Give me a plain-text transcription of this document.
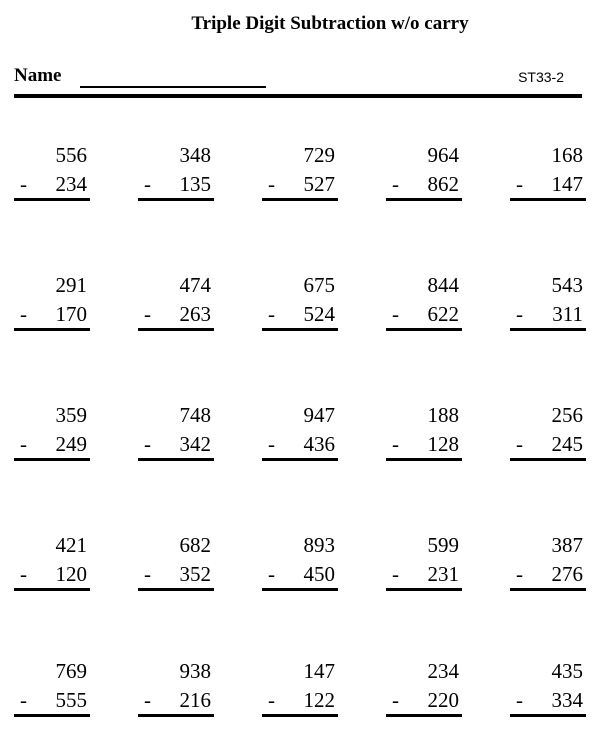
Triple Digit Subtraction w/o carry
Name	ST33-2
556
- 234
348
- 135
729
- 527
964
- 862
168
- 147
291
- 170
474
- 263
675
- 524
844
- 622
543
- 311
359
- 249
748
- 342
947
- 436
188
- 128
256
- 245
421
- 120
682
- 352
893
- 450
599
- 231
387
- 276
769
- 555
938
- 216
147
- 122
234
- 220
435
- 334
